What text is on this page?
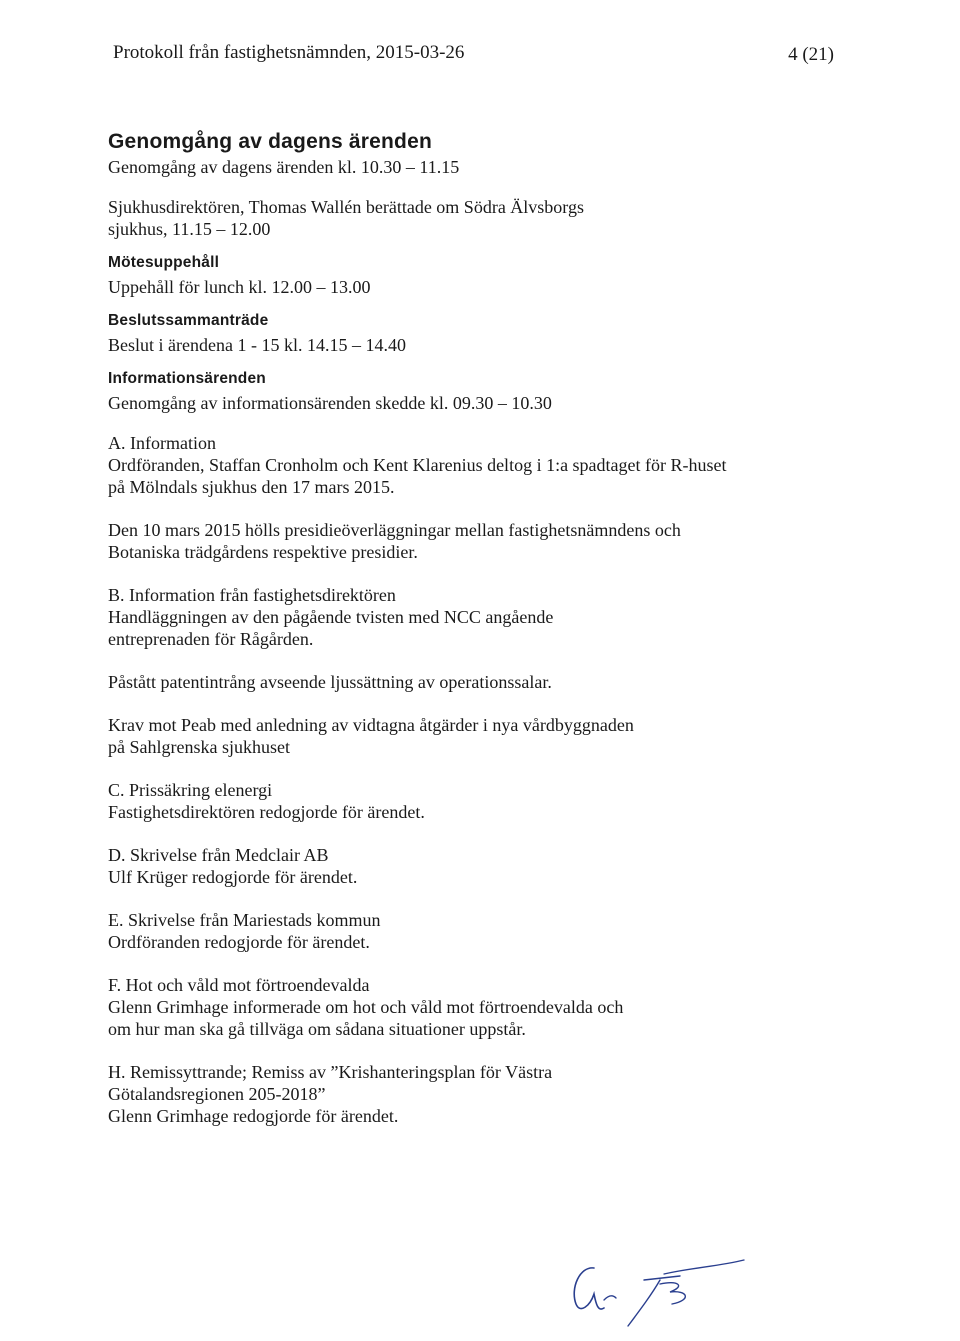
Protokoll från fastighetsnämnden, 2015-03-26	4 (21)
Genomgång av dagens ärenden

Genomgång av dagens ärenden kl. 10.30 – 11.15

Sjukhusdirektören, Thomas Wallén berättade om Södra Älvsborgs
sjukhus, 11.15 – 12.00

Mötesuppehåll

Uppehåll för lunch kl. 12.00 – 13.00

Beslutssammanträde

Beslut i ärendena 1 - 15 kl. 14.15 – 14.40

Informationsärenden

Genomgång av informationsärenden skedde kl. 09.30 – 10.30

A. Information
Ordföranden, Staffan Cronholm och Kent Klarenius deltog i 1:a spadtaget för R-huset
på Mölndals sjukhus den 17 mars 2015.

Den 10 mars 2015 hölls presidieöverläggningar mellan fastighetsnämndens och
Botaniska trädgårdens respektive presidier.

B. Information från fastighetsdirektören
Handläggningen av den pågående tvisten med NCC angående
entreprenaden för Rågården.

Påstått patentintrång avseende ljussättning av operationssalar.

Krav mot Peab med anledning av vidtagna åtgärder i nya vårdbyggnaden
på Sahlgrenska sjukhuset

C. Prissäkring elenergi
Fastighetsdirektören redogjorde för ärendet.

D. Skrivelse från Medclair AB
Ulf Krüger redogjorde för ärendet.

E. Skrivelse från Mariestads kommun
Ordföranden redogjorde för ärendet.

F. Hot och våld mot förtroendevalda
Glenn Grimhage informerade om hot och våld mot förtroendevalda och
om hur man ska gå tillväga om sådana situationer uppstår.

H. Remissyttrande; Remiss av ”Krishanteringsplan för Västra
Götalandsregionen 205-2018”
Glenn Grimhage redogjorde för ärendet.
